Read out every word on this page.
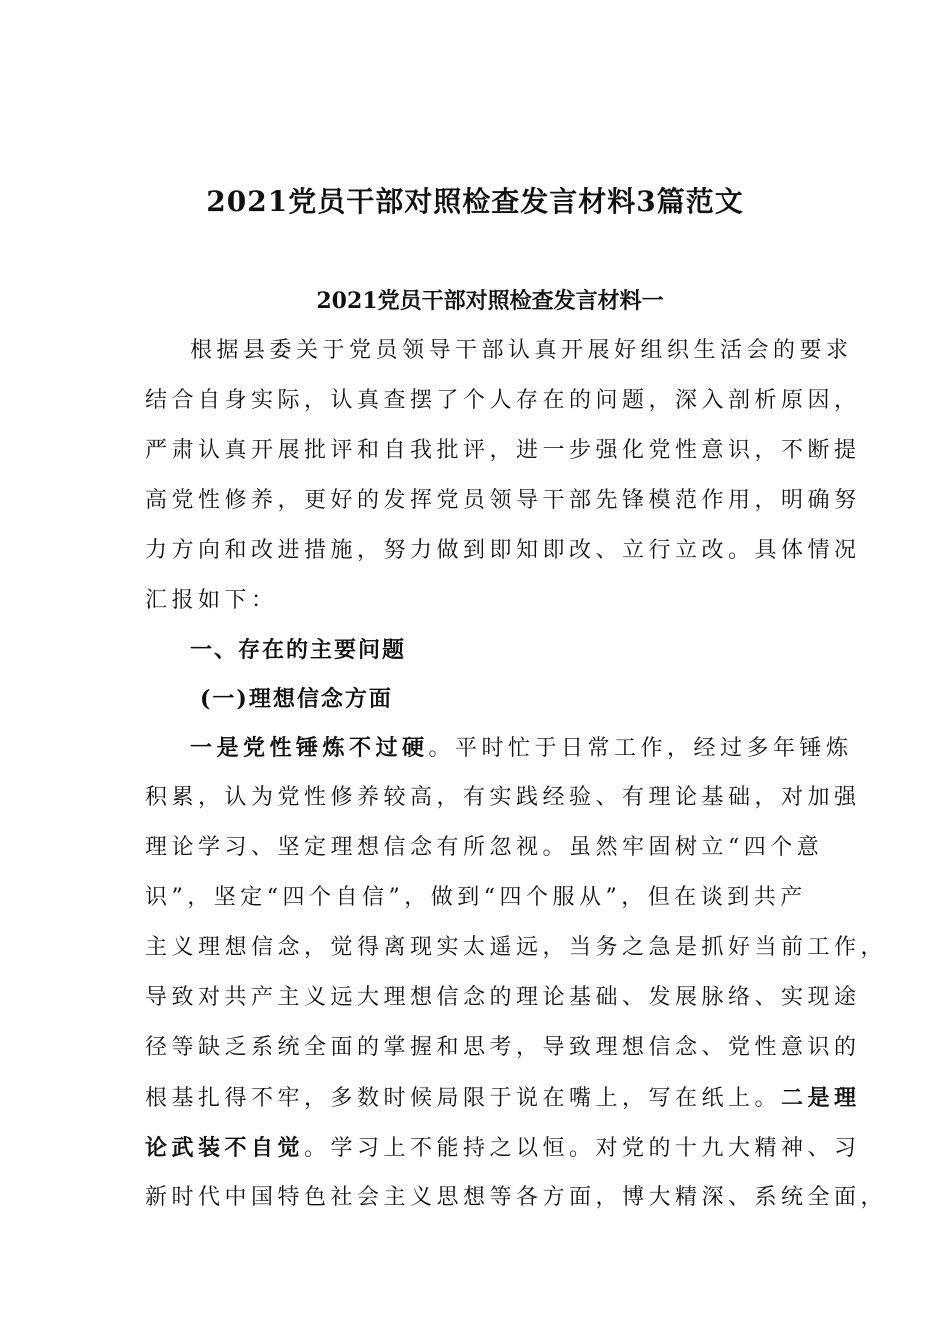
2021党员干部对照检查发言材料3篇范文
2021党员干部对照检查发言材料一
根据县委关于党员领导干部认真开展好组织生活会的要求
结合自身实际，认真查摆了个人存在的问题，深入剖析原因，
严肃认真开展批评和自我批评，进一步强化党性意识，不断提
高党性修养，更好的发挥党员领导干部先锋模范作用，明确努
力方向和改进措施，努力做到即知即改、立行立改。具体情况
汇报如下：
一、存在的主要问题
(一)理想信念方面
一是党性锤炼不过硬。平时忙于日常工作，经过多年锤炼
积累，认为党性修养较高，有实践经验、有理论基础，对加强
理论学习、坚定理想信念有所忽视。虽然牢固树立“四个意
识”，坚定“四个自信”，做到“四个服从”，但在谈到共产
主义理想信念，觉得离现实太遥远，当务之急是抓好当前工作，
导致对共产主义远大理想信念的理论基础、发展脉络、实现途
径等缺乏系统全面的掌握和思考，导致理想信念、党性意识的
根基扎得不牢，多数时候局限于说在嘴上，写在纸上。二是理
论武装不自觉。学习上不能持之以恒。对党的十九大精神、习
新时代中国特色社会主义思想等各方面，博大精深、系统全面，
